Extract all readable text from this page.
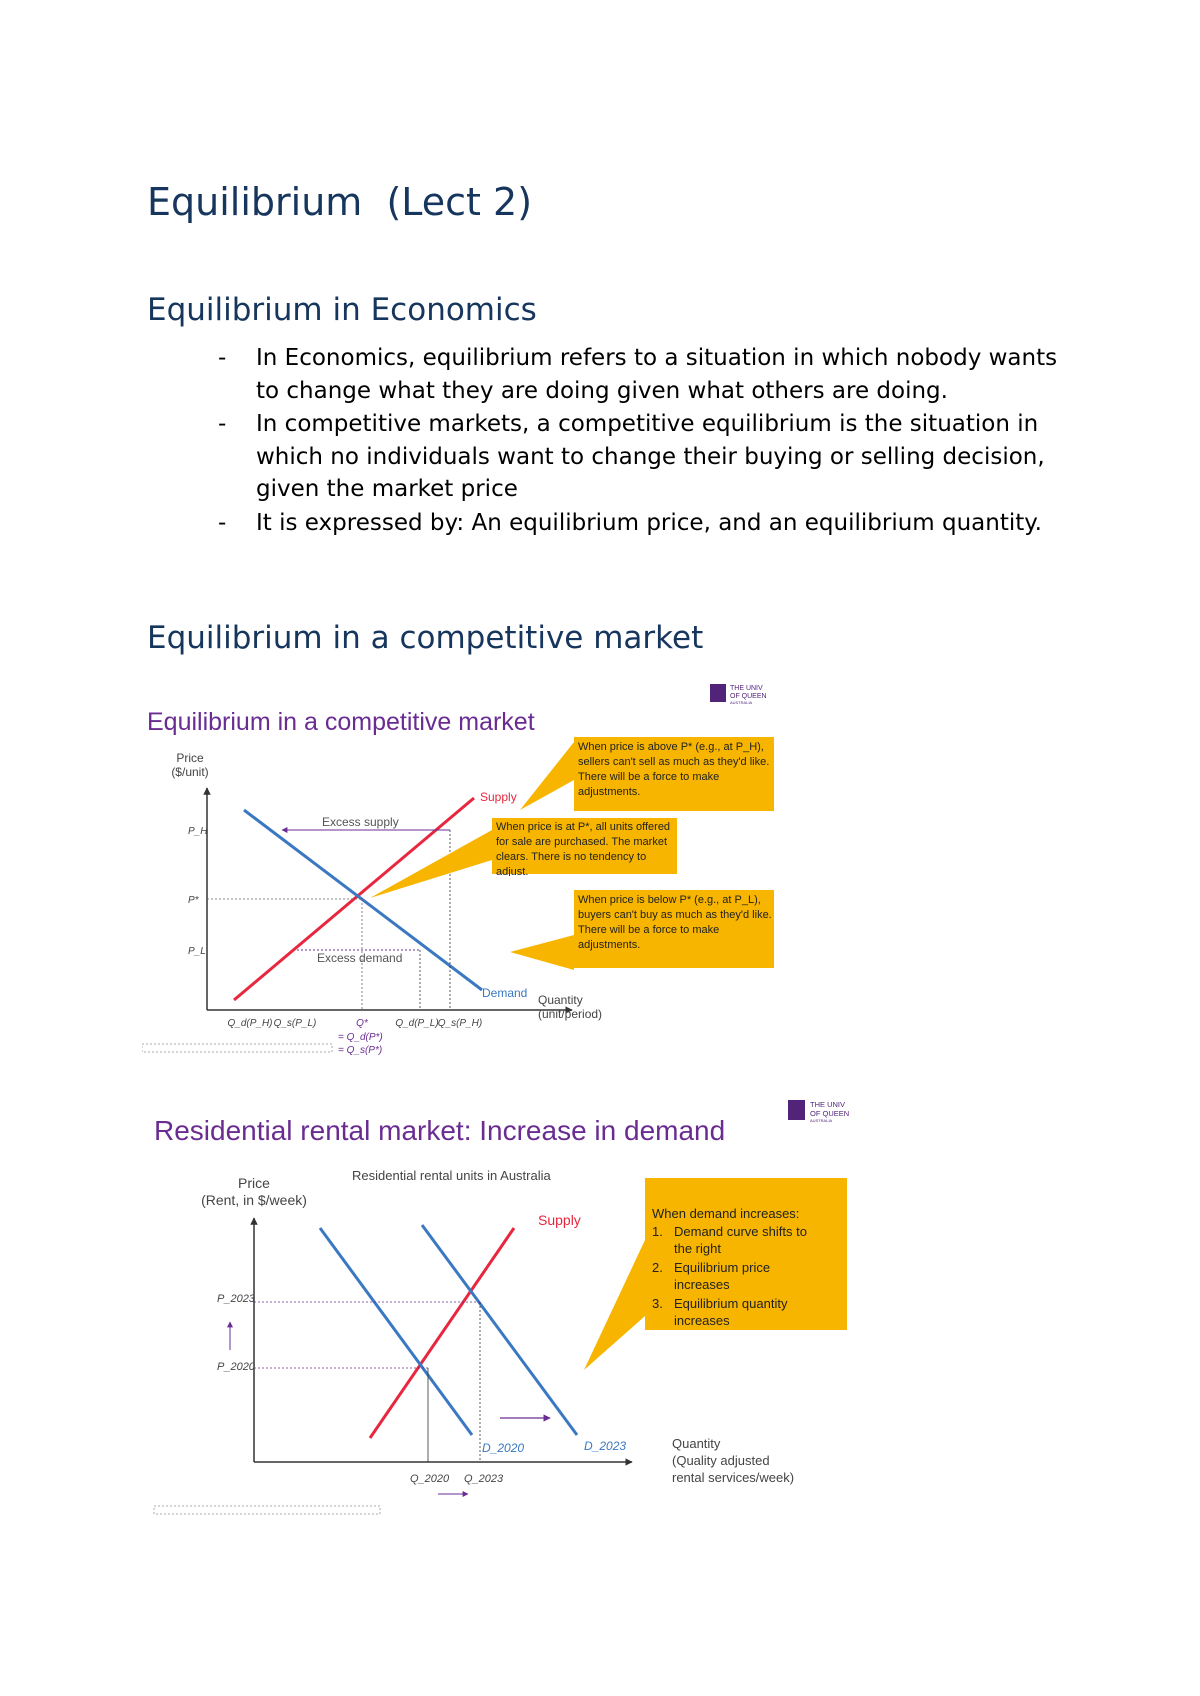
Equilibrium  (Lect 2)
Equilibrium in Economics
- In Economics, equilibrium refers to a situation in which nobody wants to change what they are doing given what others are doing.
- In competitive markets, a competitive equilibrium is the situation in which no individuals want to change their buying or selling decision, given the market price
- It is expressed by: An equilibrium price, and an equilibrium quantity.
Equilibrium in a competitive market
Equilibrium in a competitive market
THE UNIV
OF QUEEN
AUSTRALIA
Price
($/unit)
Quantity
(unit/period)
Supply
Demand
Excess supply
Excess demand
P_H
P*
P_L
Q_d(P_H) Q_s(P_L)	Q*	Q_d(P_L) Q_s(P_H)
= Q_d(P*)
= Q_s(P*)
When price is above P* (e.g., at P_H), sellers can't sell as much as they'd like. There will be a force to make adjustments.
When price is at P*, all units offered for sale are purchased. The market clears. There is no tendency to adjust.
When price is below P* (e.g., at P_L), buyers can't buy as much as they'd like. There will be a force to make adjustments.
Residential rental market: Increase in demand
THE UNIV
OF QUEEN
AUSTRALIA
Residential rental units in Australia
Price
(Rent, in $/week)
Quantity
(Quality adjusted
rental services/week)
Supply
D_2020	D_2023
P_2023
P_2020
Q_2020 Q_2023
When demand increases:
1. Demand curve shifts to
the right
2. Equilibrium price
increases
3. Equilibrium quantity
increases
